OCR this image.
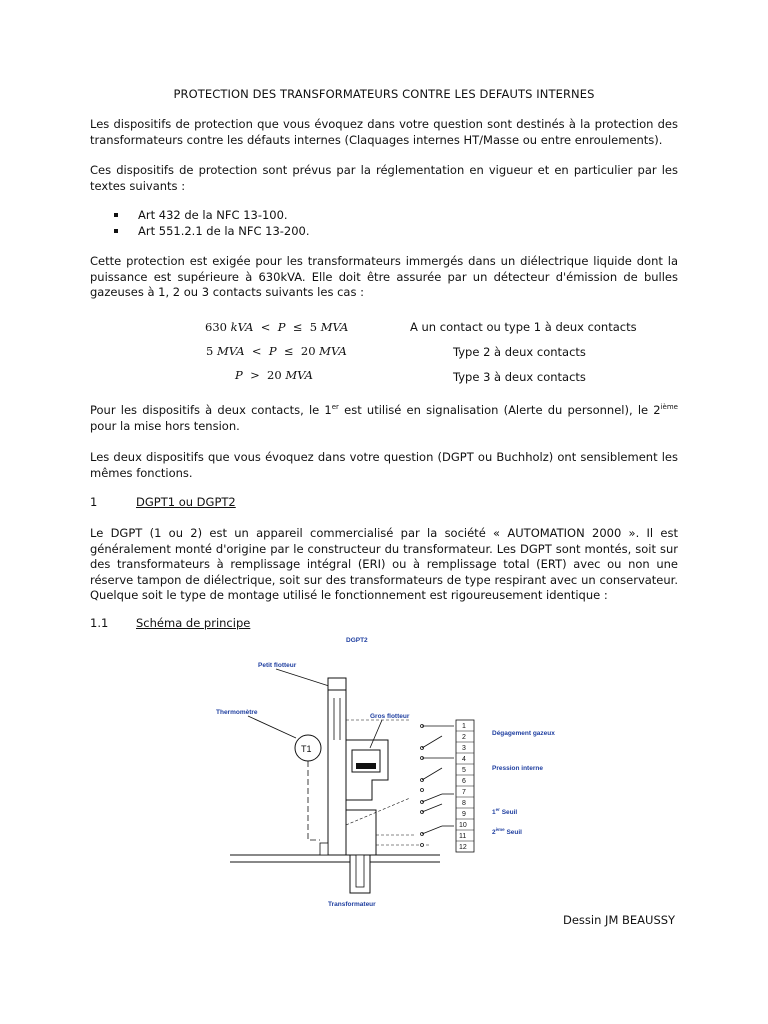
PROTECTION DES TRANSFORMATEURS CONTRE LES DEFAUTS INTERNES
Les dispositifs de protection que vous évoquez dans votre question sont destinés à la protection des transformateurs contre les défauts internes (Claquages internes HT/Masse ou entre enroulements).
Ces dispositifs de protection sont prévus par la réglementation en vigueur et en particulier par les textes suivants :
Art 432 de la NFC 13-100.
Art 551.2.1 de la NFC 13-200.
Cette protection est exigée pour les transformateurs immergés dans un diélectrique liquide dont la puissance est supérieure à 630kVA. Elle doit être assurée par un détecteur d'émission de bulles gazeuses à 1, 2 ou 3 contacts suivants les cas :
630 kVA < P ≤ 5 MVA	A un contact ou type 1 à deux contacts
5 MVA < P ≤ 20 MVA	Type 2 à deux contacts
P > 20 MVA	Type 3 à deux contacts
Pour les dispositifs à deux contacts, le 1er est utilisé en signalisation (Alerte du personnel), le 2ième pour la mise hors tension.
Les deux dispositifs que vous évoquez dans votre question (DGPT ou Buchholz) ont sensiblement les mêmes fonctions.
1	DGPT1 ou DGPT2
Le DGPT (1 ou 2) est un appareil commercialisé par la société « AUTOMATION 2000 ». Il est généralement monté d'origine par le constructeur du transformateur. Les DGPT sont montés, soit sur des transformateurs à remplissage intégral (ERI) ou à remplissage total (ERT) avec ou non une réserve tampon de diélectrique, soit sur des transformateurs de type respirant avec un conservateur. Quelque soit le type de montage utilisé le fonctionnement est rigoureusement identique :
1.1 Schéma de principe
DGPT2
Petit flotteur
Thermomètre
Gros flotteur
Transformateur
T1
1
2
3
4
5
6
7
8
9
10
11
12
Dégagement gazeux
Pression interne
1er Seuil
2ème Seuil
Dessin JM BEAUSSY
